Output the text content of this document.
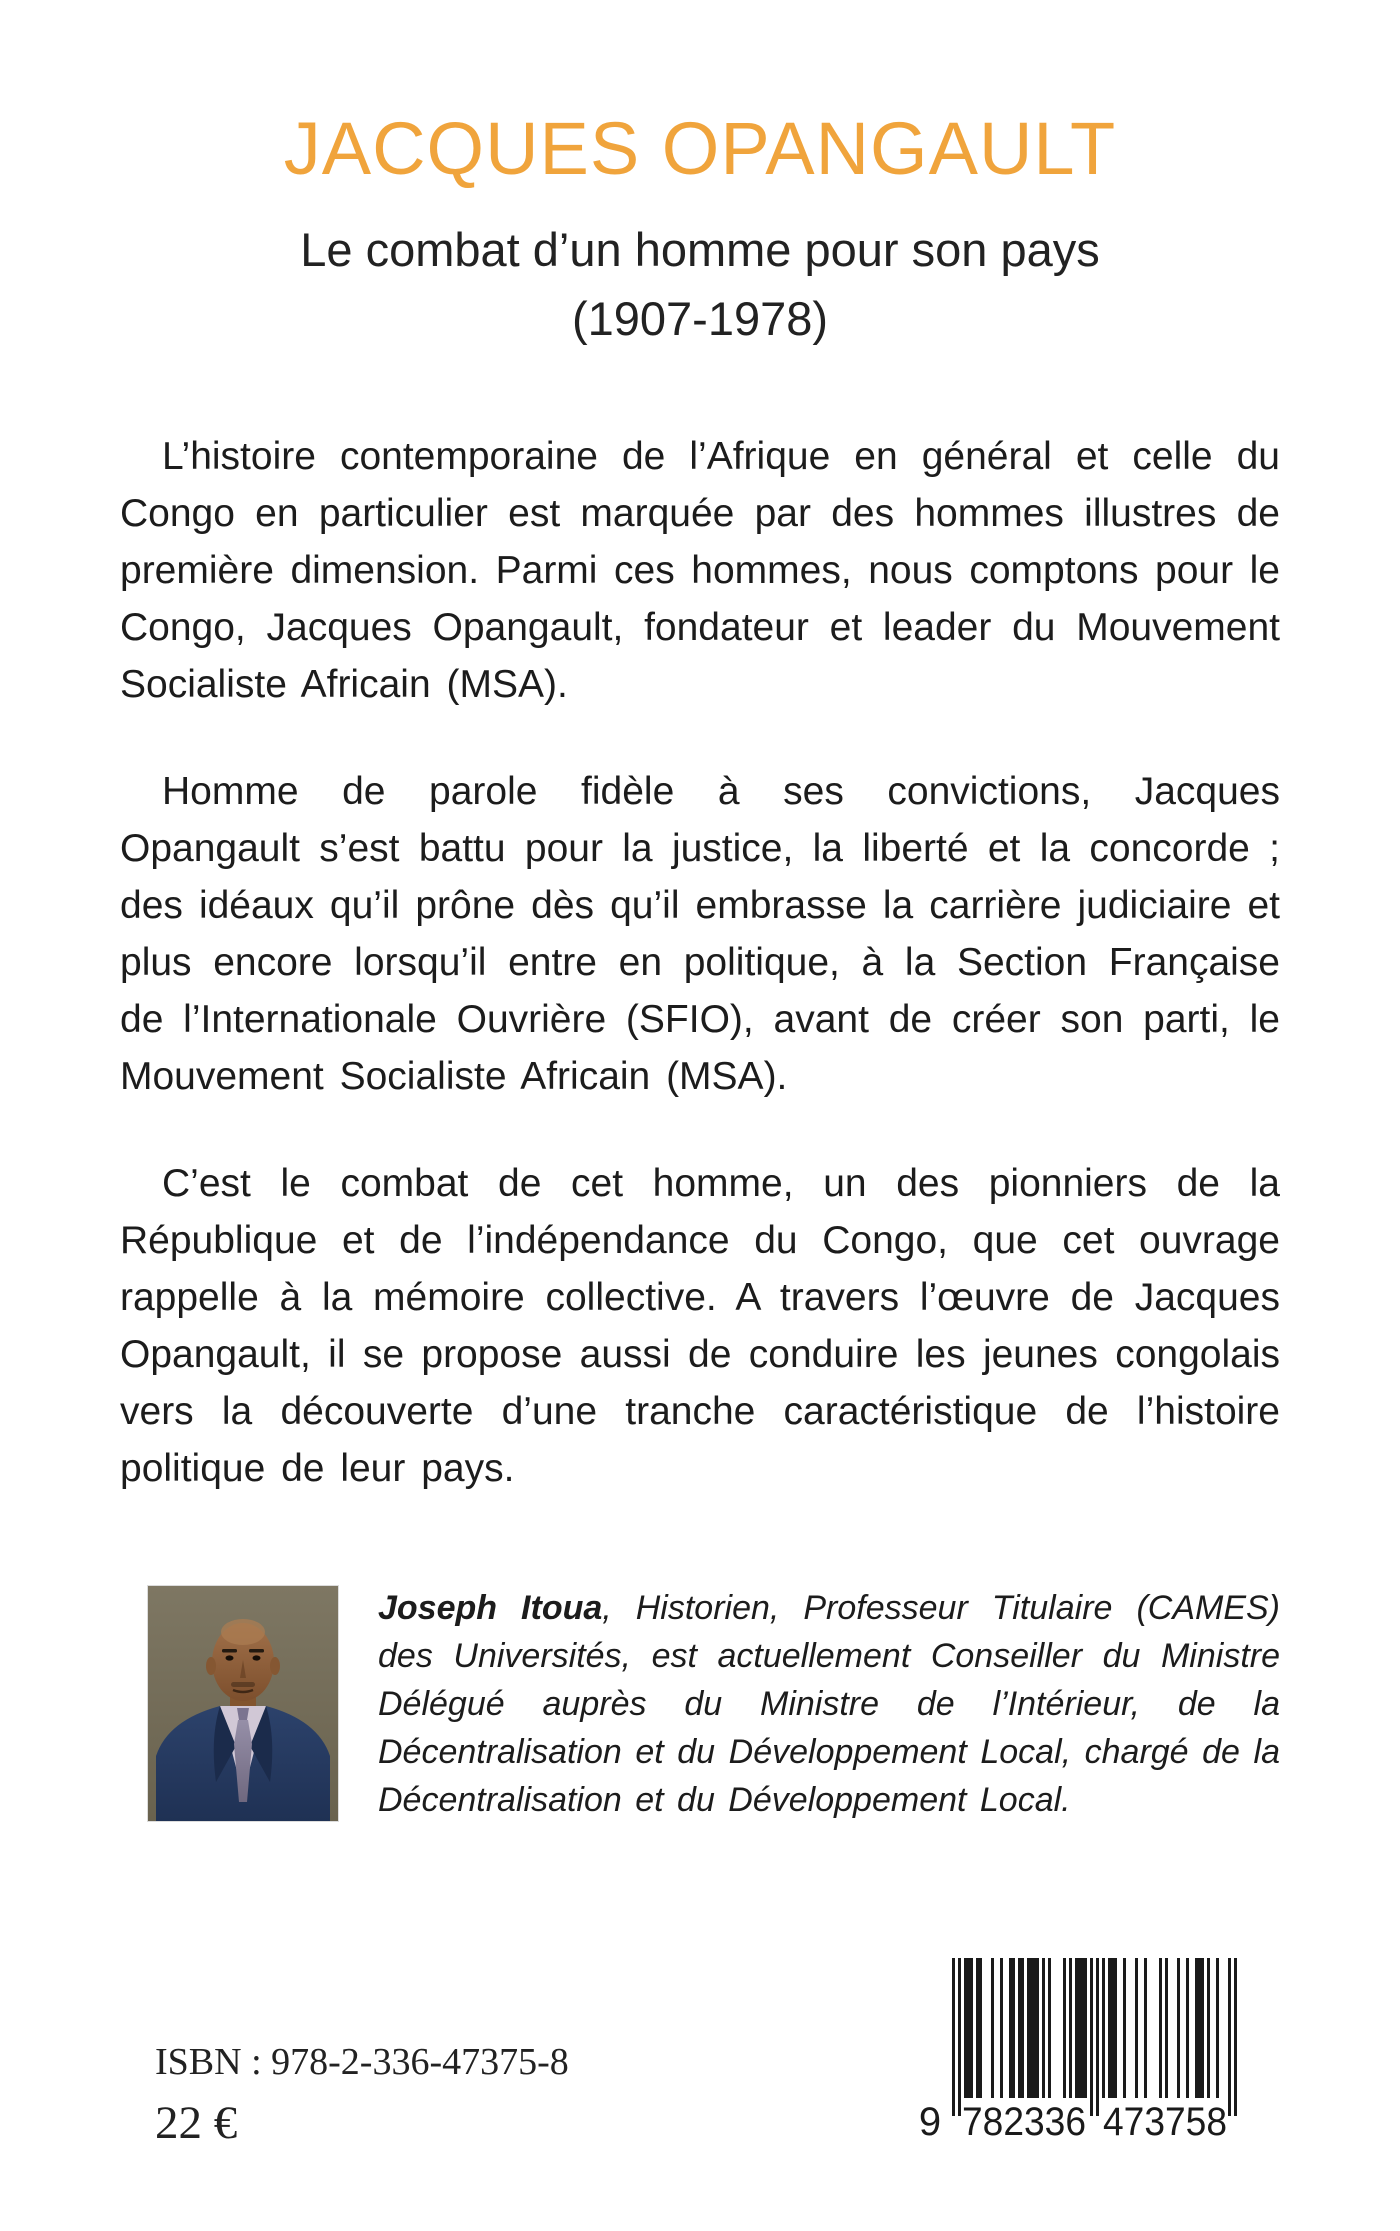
JACQUES OPANGAULT
Le combat d’un homme pour son pays
(1907-1978)

L’histoire contemporaine de l’Afrique en général et celle du Congo en particulier est marquée par des hommes illustres de première dimension. Parmi ces hommes, nous comptons pour le Congo, Jacques Opangault, fondateur et leader du Mouvement Socialiste Africain (MSA).

Homme de parole fidèle à ses convictions, Jacques Opangault s’est battu pour la justice, la liberté et la concorde ; des idéaux qu’il prône dès qu’il embrasse la carrière judiciaire et plus encore lorsqu’il entre en politique, à la Section Française de l’Internationale Ouvrière (SFIO), avant de créer son parti, le Mouvement Socialiste Africain (MSA).

C’est le combat de cet homme, un des pionniers de la République et de l’indépendance du Congo, que cet ouvrage rappelle à la mémoire collective. A travers l’œuvre de Jacques Opangault, il se propose aussi de conduire les jeunes congolais vers la découverte d’une tranche caractéristique de l’histoire politique de leur pays.

Joseph Itoua, Historien, Professeur Titulaire (CAMES) des Universités, est actuellement Conseiller du Ministre Délégué auprès du Ministre de l’Intérieur, de la Décentralisation et du Développement Local, chargé de la Décentralisation et du Développement Local.

ISBN : 978-2-336-47375-8
22 €	9 782336 473758
